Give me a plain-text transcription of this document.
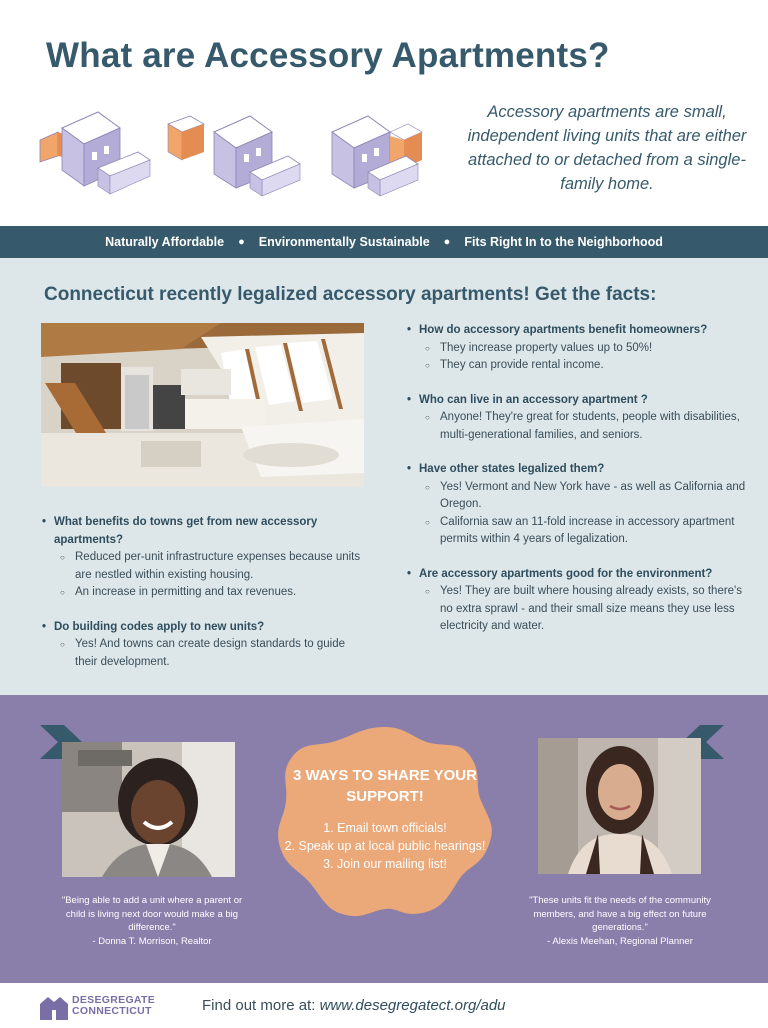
What are Accessory Apartments?
Accessory apartments are small, independent living units that are either attached to or detached from a single-family home.
Naturally Affordable ● Environmentally Sustainable ● Fits Right In to the Neighborhood
Connecticut recently legalized accessory apartments! Get the facts:
• What benefits do towns get from new accessory apartments?
○ Reduced per-unit infrastructure expenses because units are nestled within existing housing.
○ An increase in permitting and tax revenues.
• Do building codes apply to new units?
○ Yes! And towns can create design standards to guide their development.
• How do accessory apartments benefit homeowners?
○ They increase property values up to 50%!
○ They can provide rental income.
• Who can live in an accessory apartment ?
○ Anyone! They're great for students, people with disabilities, multi-generational families, and seniors.
• Have other states legalized them?
○ Yes! Vermont and New York have - as well as California and Oregon.
○ California saw an 11-fold increase in accessory apartment permits within 4 years of legalization.
• Are accessory apartments good for the environment?
○ Yes! They are built where housing already exists, so there's no extra sprawl - and their small size means they use less electricity and water.
3 WAYS TO SHARE YOUR SUPPORT!
1. Email town officials!
2. Speak up at local public hearings!
3. Join our mailing list!
"Being able to add a unit where a parent or child is living next door would make a big difference."
- Donna T. Morrison, Realtor
"These units fit the needs of the community members, and have a big effect on future generations."
- Alexis Meehan, Regional Planner
DESEGREGATE
CONNECTICUT	Find out more at: www.desegregatect.org/adu
